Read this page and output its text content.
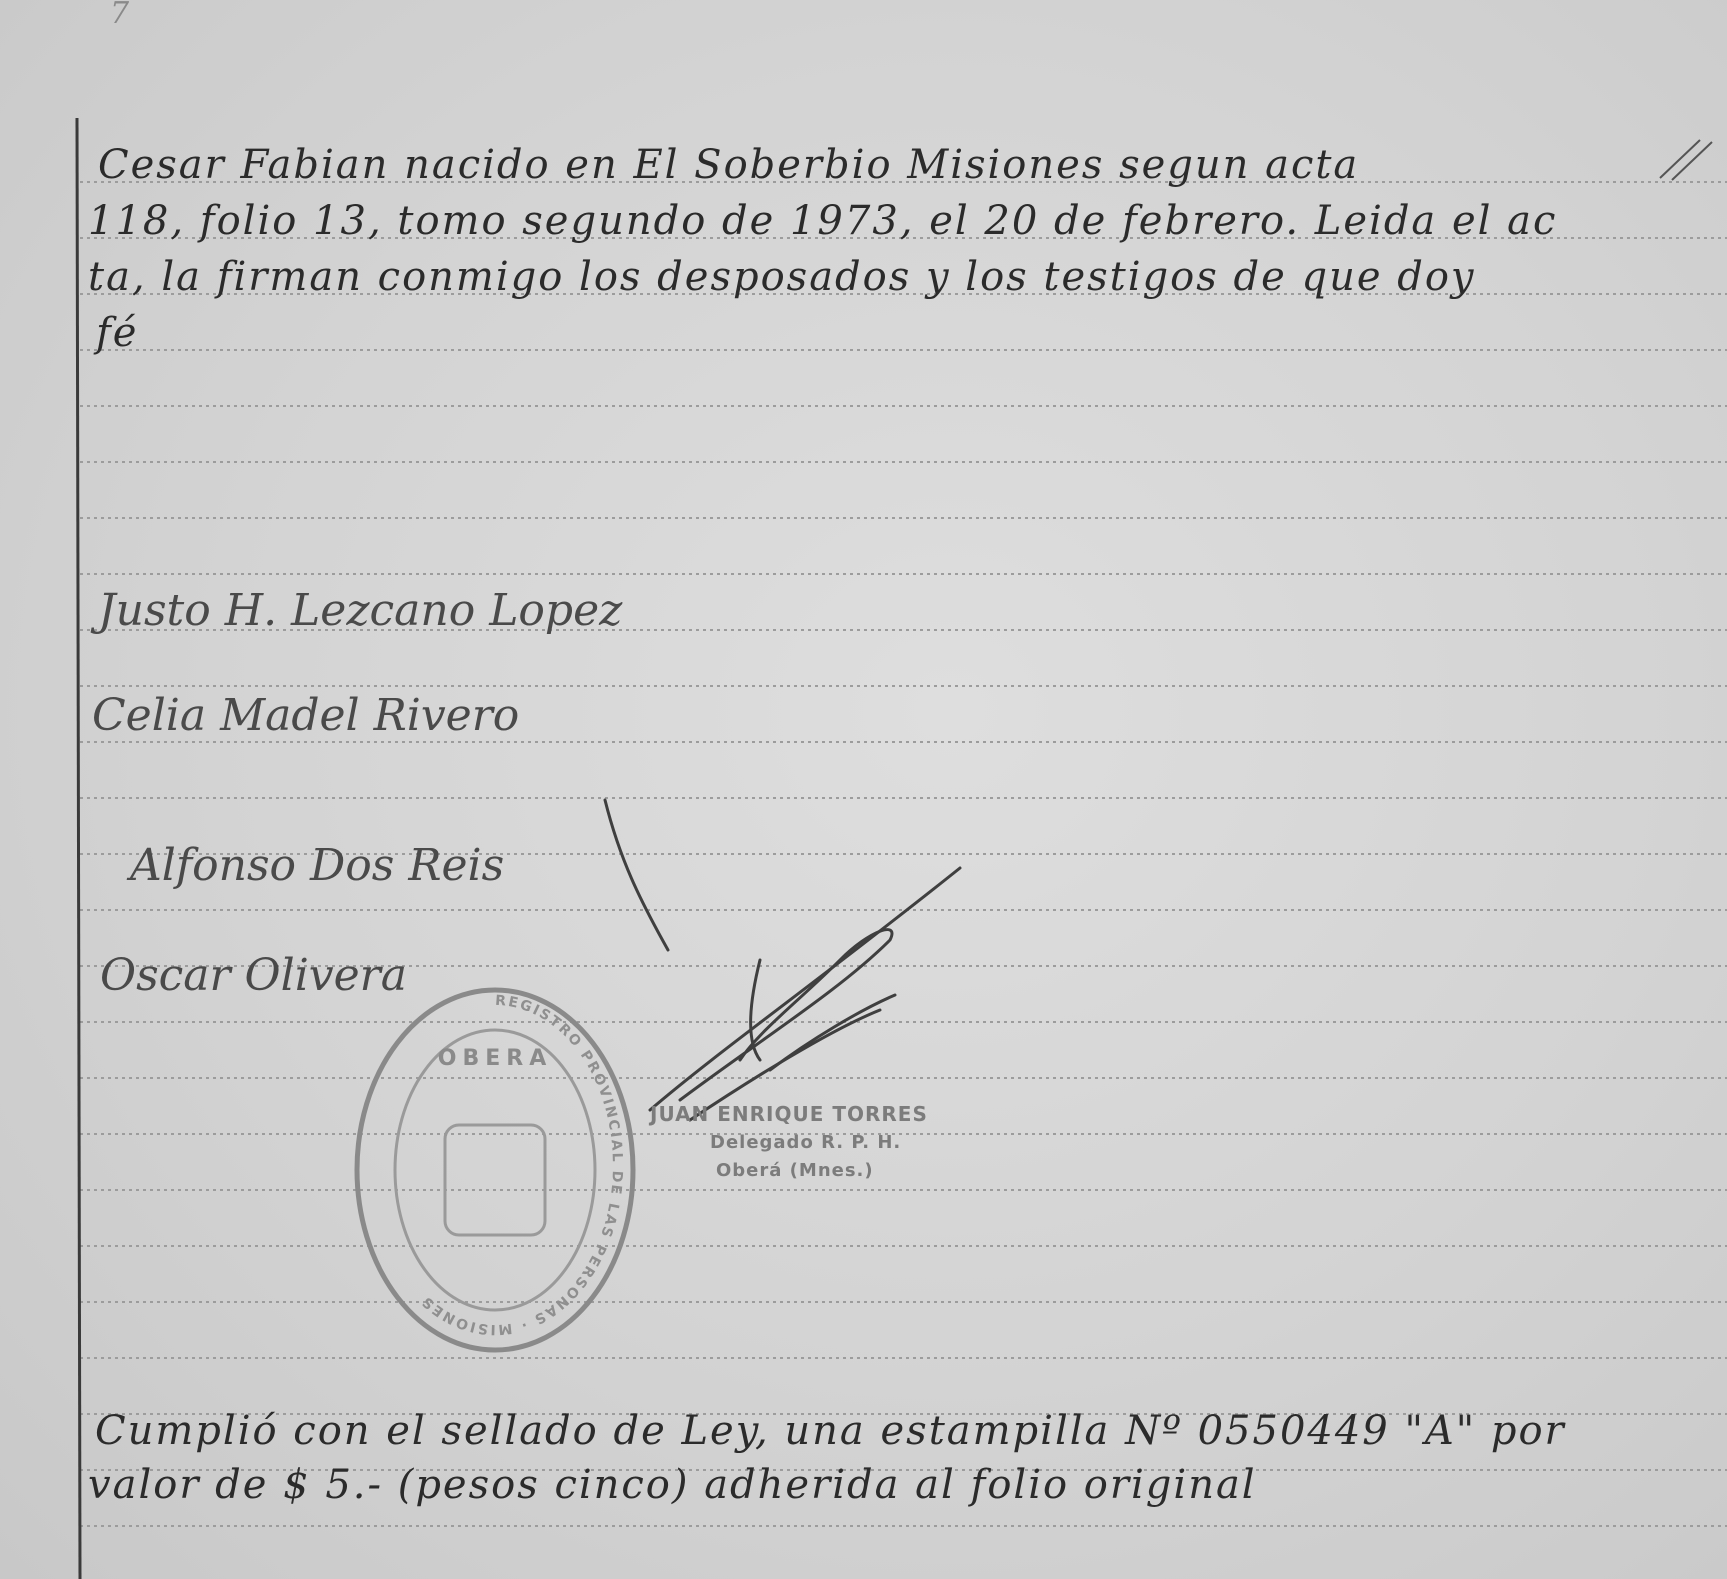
7

Cesar Fabian nacido en El Soberbio Misiones segun acta

118, folio 13, tomo segundo de 1973, el 20 de febrero. Leida el ac

ta, la firman conmigo los desposados y los testigos de que doy

fé

Justo H. Lezcano Lopez

Celia Madel Rivero

Alfonso Dos Reis

Oscar Olivera

REGISTRO PROVINCIAL DE LAS PERSONAS · MISIONES
OBERA

JUAN ENRIQUE TORRES

Delegado R. P. H.

Oberá (Mnes.)

Cumplió con el sellado de Ley, una estampilla Nº 0550449 "A" por

valor de $ 5.- (pesos cinco) adherida al folio original
